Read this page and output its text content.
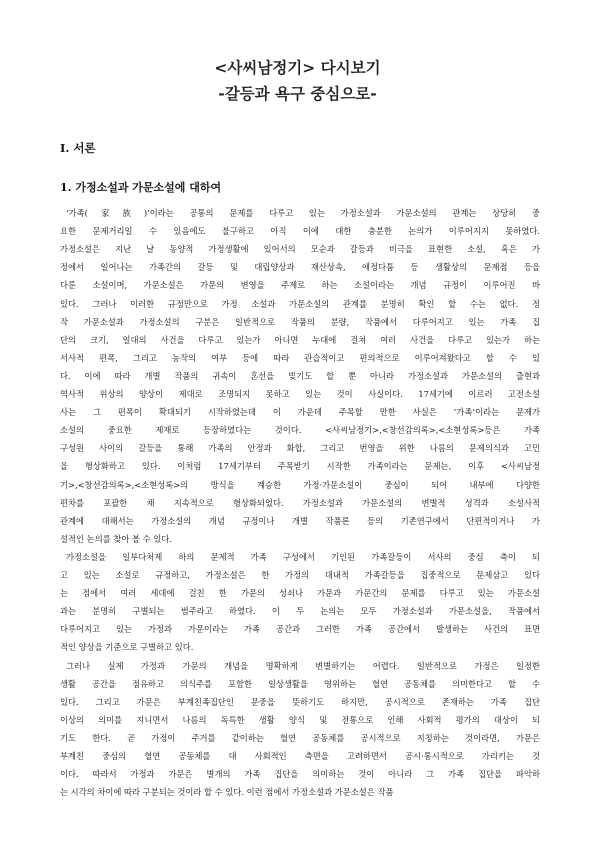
<사씨남정기> 다시보기
-갈등과 욕구 중심으로-
Ⅰ. 서론
1. 가정소설과 가문소설에 대하여
‘가족(家族)’이라는 공통의 문제를 다루고 있는 가정소설과 가문소설의 관계는 상당히 중
요한 문제거리일 수 있음에도 불구하고 아직 이에 대한 충분한 논의가 이루어지지 못하였다.
가정소설은 지난 날 동양적 가정생활에 있어서의 모순과 갈등과 비극을 표현한 소설, 혹은 가
정에서 일어나는 가족간의 갈등 및 대립양상과 재산상속, 애정다툼 등 생활상의 문제점 등을
다룬 소설이며, 가문소설은 가문의 변영을 주제로 하는 소설이라는 개념 규정이 이루어진 바
있다. 그러나 이러한 규정만으로 가정 소설과 가문소설의 관계를 분명히 확인 할 수는 없다. 정
작 가문소설과 가정소설의 구분은 일반적으로 작품의 분량, 작품에서 다루어지고 있는 가족 집
단의 크기, 일대의 사건을 다루고 있는가 아니면 누대에 걸쳐 여러 사건을 다루고 있는가 하는
서사적 편폭, 그리고 농작의 여부 등에 따라 관습적이고 편의적으로 이루어져왔다고 할 수 있
다. 이에 따라 개별 작품의 귀속이 혼선을 빚기도 할 뿐 아니라 가정소설과 가문소설의 출현과
역사적 위상의 양상이 제대로 조명되지 못하고 있는 것이 사실이다. 17세기에 이르러 고전소설
사는 그 편폭이 확대되기 시작하였는데 이 가운데 주목할 만한 사실은 ‘가족’이라는 문제가
소설의 중요한 제재로 등장하였다는 것이다. <사씨남정기>,<창선감의록>,<소현성록>등은 가족
구성원 사이의 갈등을 통해 가족의 안정과 화합, 그리고 번영을 위한 나름의 문제의식과 고민
을 형상화하고 있다. 이처럼 17세기부터 주목받기 시작한 가족이라는 문제는, 이후 <사씨남정
기>,<창선감의록>,<소현성록>의 방식을 계승한 가정·가문소설이 중심이 되어 내부에 다양한
편차를 포괄한 채 지속적으로 형상화되었다. 가정소설과 가문소설의 변별적 성격과 소설사적
관계에 대해서는 가정소설의 개념 규정이나 개별 작품론 등의 기존연구에서 단편적이거나 가
설적인 논의를 찾아 볼 수 있다.
가정소설을 일부다처제 하의 문제적 가족 구성에서 기인된 가족갈등이 서사의 중심 축이 되
고 있는 소설로 규정하고, 가정소설은 한 가정의 대내적 가족갈등을 집중적으로 문제삼고 있다
는 점에서 여러 세대에 걸친 한 가문의 성쇠나 가문과 가문간의 문제를 다루고 있는 가문소설
과는 분명히 구별되는 범주라고 하였다. 이 두 논의는 모두 가정소설과 가문소설을, 작품에서
다루어지고 있는 가정과 가문이라는 가족 공간과 그러한 가족 공간에서 발생하는 사건의 표면
적인 양상을 기준으로 구별하고 있다.
그러나 실제 가정과 가문의 개념을 명확하게 변별하기는 어렵다. 일반적으로 가정은 일정한
생활 공간을 점유하고 의식주를 포함한 일상생활을 영위하는 혈연 공동체를 의미한다고 할 수
있다. 그리고 가문은 부계친족집단인 문중을 뜻하기도 하지만, 공시적으로 존재하는 가족 집단
이상의 의미를 지니면서 나름의 독특한 생활 양식 및 전통으로 인해 사회적 평가의 대상이 되
기도 한다. 곧 가정이 주거를 같이하는 혈연 공동체를 공시적으로 지칭하는 것이라면, 가문은
부계친 중심의 혈연 공동체를 대 사회적인 측면을 고려하면서 공시·통시적으로 가리키는 것
이다. 따라서 가정과 가문은 별개의 가족 집단을 의미하는 것이 아니라 그 가족 집단을 파악하
는 시각의 차이에 따라 구분되는 것이라 할 수 있다. 이런 점에서 가정소설과 가문소설은 작품
